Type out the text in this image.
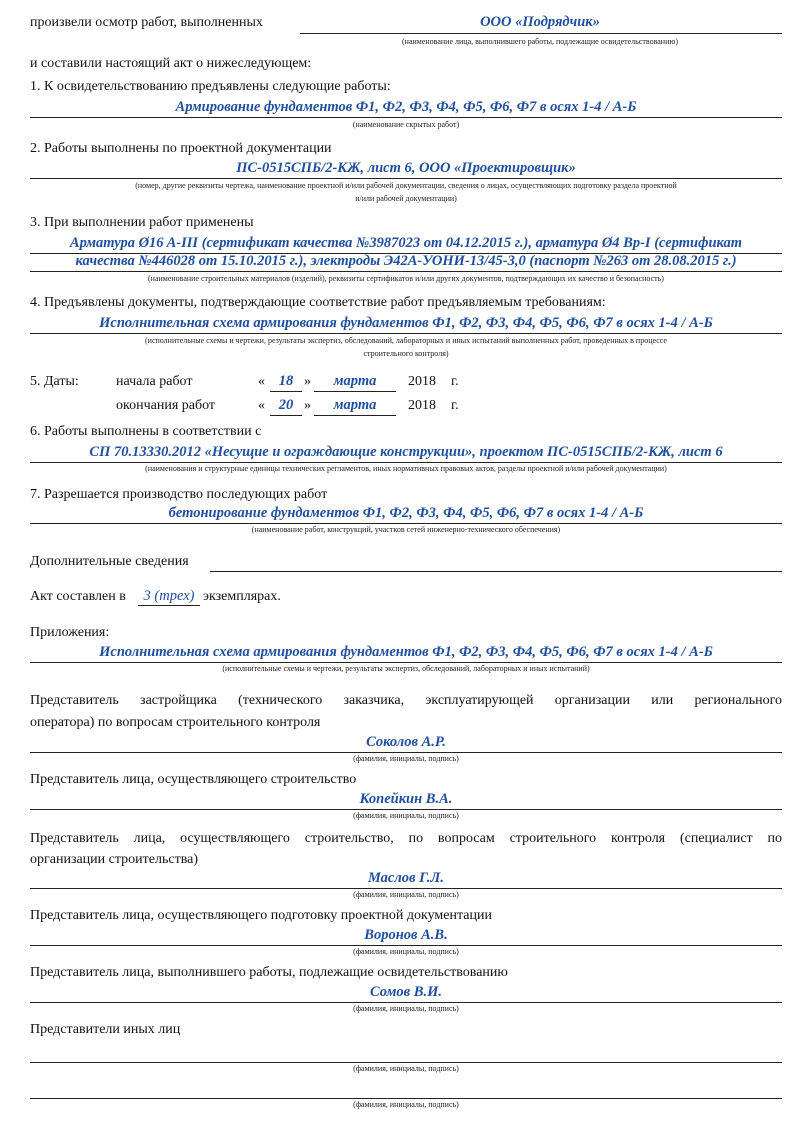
произвели осмотр работ, выполненных	ООО «Подрядчик»
(наименование лица, выполнившего работы, подлежащие освидетельствованию)
и составили настоящий акт о нижеследующем:
1. К освидетельствованию предъявлены следующие работы:
Армирование фундаментов Ф1, Ф2, Ф3, Ф4, Ф5, Ф6, Ф7 в осях 1-4 / А-Б
(наименование скрытых работ)
2. Работы выполнены по проектной документации
ПС-0515СПБ/2-КЖ, лист 6, ООО «Проектировщик»
(номер, другие реквизиты чертежа, наименование проектной и/или рабочей документации, сведения о лицах, осуществляющих подготовку раздела проектной
и/или рабочей документации)
3. При выполнении работ применены
Арматура Ø16 A-III (сертификат качества №3987023 от 04.12.2015 г.), арматура Ø4 Вр-I (сертификат
качества №446028 от 15.10.2015 г.), электроды Э42А-УОНИ-13/45-3,0 (паспорт №263 от 28.08.2015 г.)
(наименование строительных материалов (изделий), реквизиты сертификатов и/или других документов, подтверждающих их качество и безопасность)
4. Предъявлены документы, подтверждающие соответствие работ предъявляемым требованиям:
Исполнительная схема армирования фундаментов Ф1, Ф2, Ф3, Ф4, Ф5, Ф6, Ф7 в осях 1-4 / А-Б
(исполнительные схемы и чертежи, результаты экспертиз, обследований, лабораторных и иных испытаний выполненных работ, проведенных в процессе
строительного контроля)
5. Даты:	начала работ	« 18 »	марта	2018 г.
окончания работ	« 20 »	марта	2018 г.
6. Работы выполнены в соответствии с
СП 70.13330.2012 «Несущие и ограждающие конструкции», проектом ПС-0515СПБ/2-КЖ, лист 6
(наименования и структурные единицы технических регламентов, иных нормативных правовых актов, разделы проектной и/или рабочей документации)
7. Разрешается производство последующих работ
бетонирование фундаментов Ф1, Ф2, Ф3, Ф4, Ф5, Ф6, Ф7 в осях 1-4 / А-Б
(наименование работ, конструкций, участков сетей инженерно-технического обеспечения)
Дополнительные сведения
Акт составлен в	3 (трех) экземплярах.
Приложения:
Исполнительная схема армирования фундаментов Ф1, Ф2, Ф3, Ф4, Ф5, Ф6, Ф7 в осях 1-4 / А-Б
(исполнительные схемы и чертежи, результаты экспертиз, обследований, лабораторных и иных испытаний)
Представитель застройщика (технического заказчика, эксплуатирующей организации или регионального
оператора) по вопросам строительного контроля
Соколов А.Р.
(фамилия, инициалы, подпись)
Представитель лица, осуществляющего строительство
Копейкин В.А.
(фамилия, инициалы, подпись)
Представитель лица, осуществляющего строительство, по вопросам строительного контроля (специалист по
организации строительства)
Маслов Г.Л.
(фамилия, инициалы, подпись)
Представитель лица, осуществляющего подготовку проектной документации
Воронов А.В.
(фамилия, инициалы, подпись)
Представитель лица, выполнившего работы, подлежащие освидетельствованию
Сомов В.И.
(фамилия, инициалы, подпись)
Представители иных лиц
(фамилия, инициалы, подпись)
(фамилия, инициалы, подпись)
